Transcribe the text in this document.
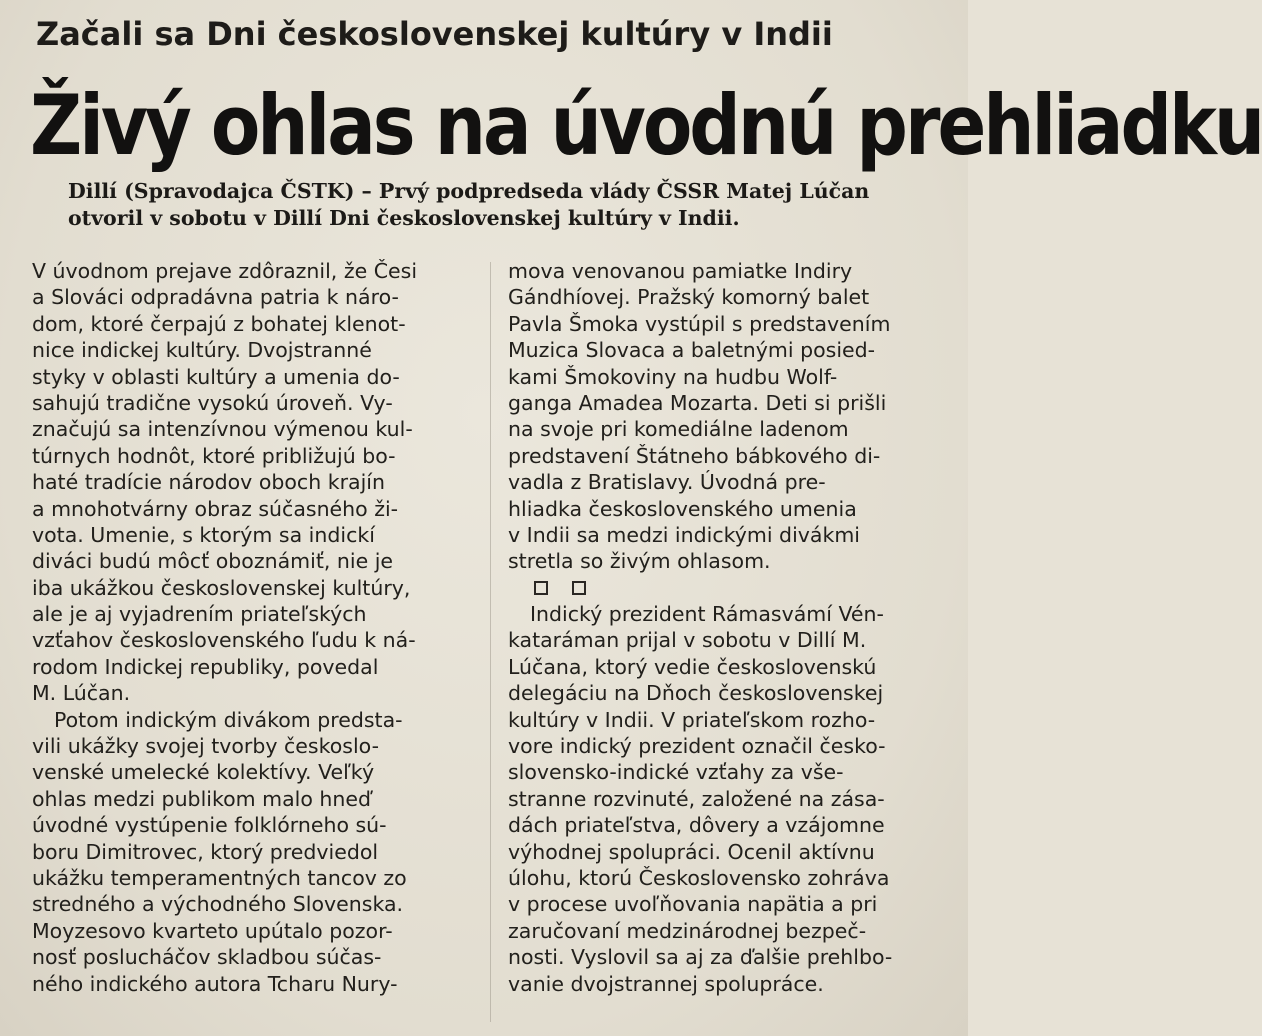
Začali sa Dni československej kultúry v Indii
Živý ohlas na úvodnú prehliadku
Dillí (Spravodajca ČSTK) – Prvý podpredseda vlády ČSSR Matej Lúčan
otvoril v sobotu v Dillí Dni československej kultúry v Indii.
V úvodnom prejave zdôraznil, že Česi
a Slováci odpradávna patria k náro-
dom, ktoré čerpajú z bohatej klenot-
nice indickej kultúry. Dvojstranné
styky v oblasti kultúry a umenia do-
sahujú tradične vysokú úroveň. Vy-
značujú sa intenzívnou výmenou kul-
túrnych hodnôt, ktoré približujú bo-
haté tradície národov oboch krajín
a mnohotvárny obraz súčasného ži-
vota. Umenie, s ktorým sa indickí
diváci budú môcť oboznámiť, nie je
iba ukážkou československej kultúry,
ale je aj vyjadrením priateľských
vzťahov československého ľudu k ná-
rodom Indickej republiky, povedal
M. Lúčan.
Potom indickým divákom predsta-
vili ukážky svojej tvorby českoslo-
venské umelecké kolektívy. Veľký
ohlas medzi publikom malo hneď
úvodné vystúpenie folklórneho sú-
boru Dimitrovec, ktorý predviedol
ukážku temperamentných tancov zo
stredného a východného Slovenska.
Moyzesovo kvarteto upútalo pozor-
nosť poslucháčov skladbou súčas-
ného indického autora Tcharu Nury-
mova venovanou pamiatke Indiry
Gándhíovej. Pražský komorný balet
Pavla Šmoka vystúpil s predstavením
Muzica Slovaca a baletnými posied-
kami Šmokoviny na hudbu Wolf-
ganga Amadea Mozarta. Deti si prišli
na svoje pri komediálne ladenom
predstavení Štátneho bábkového di-
vadla z Bratislavy. Úvodná pre-
hliadka československého umenia
v Indii sa medzi indickými divákmi
stretla so živým ohlasom.
Indický prezident Rámasvámí Vén-
kataráman prijal v sobotu v Dillí M.
Lúčana, ktorý vedie československú
delegáciu na Dňoch československej
kultúry v Indii. V priateľskom rozho-
vore indický prezident označil česko-
slovensko-indické vzťahy za vše-
stranne rozvinuté, založené na zása-
dách priateľstva, dôvery a vzájomne
výhodnej spolupráci. Ocenil aktívnu
úlohu, ktorú Československo zohráva
v procese uvoľňovania napätia a pri
zaručovaní medzinárodnej bezpeč-
nosti. Vyslovil sa aj za ďalšie prehlbo-
vanie dvojstrannej spolupráce.
